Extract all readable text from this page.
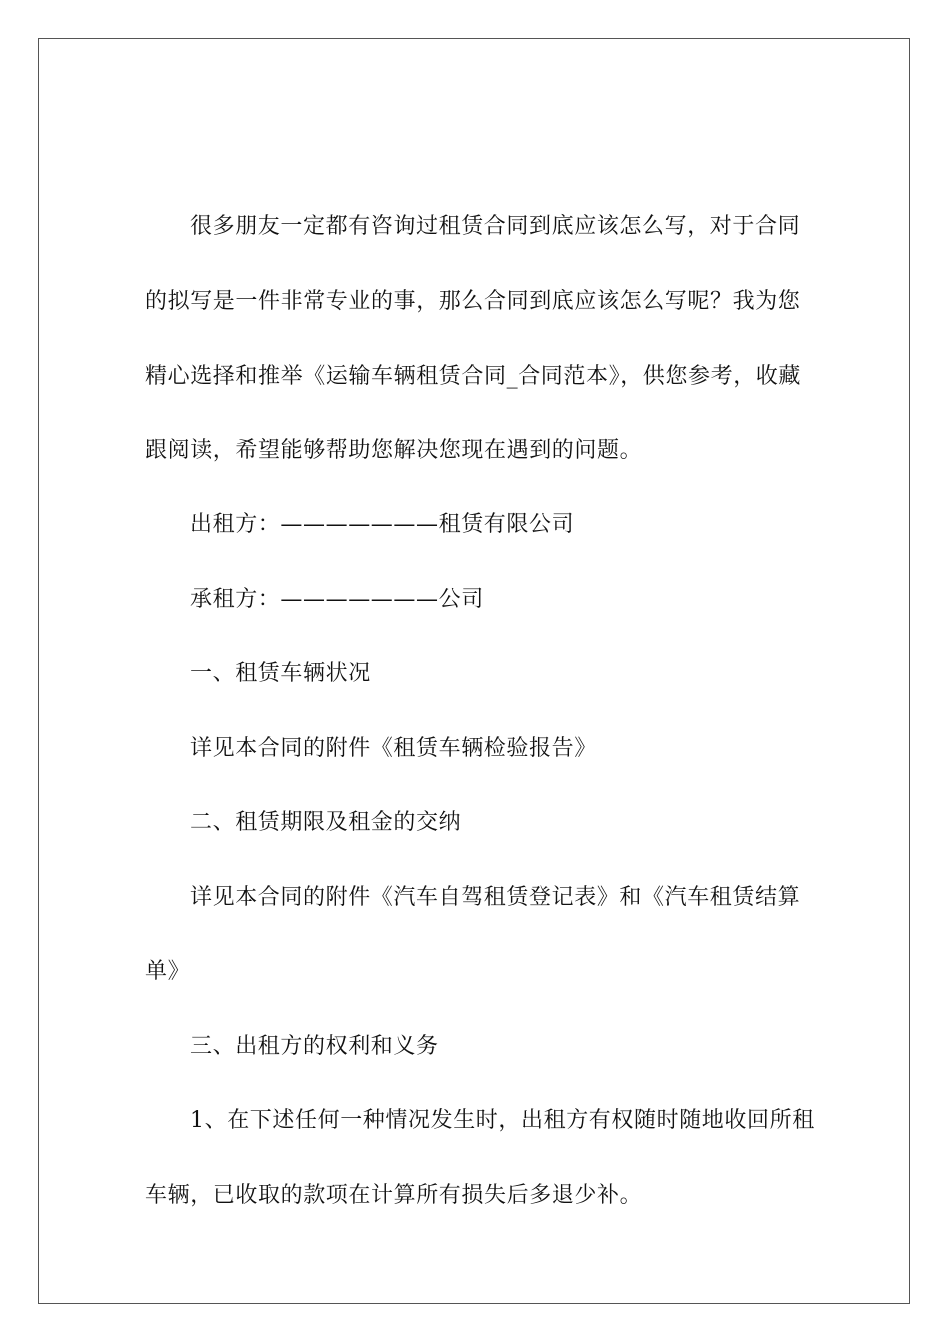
很多朋友一定都有咨询过租赁合同到底应该怎么写，对于合同
的拟写是一件非常专业的事，那么合同到底应该怎么写呢？我为您
精心选择和推举《运输车辆租赁合同_合同范本》，供您参考，收藏
跟阅读，希望能够帮助您解决您现在遇到的问题。
出租方：———————租赁有限公司
承租方：———————公司
一、租赁车辆状况
详见本合同的附件《租赁车辆检验报告》
二、租赁期限及租金的交纳
详见本合同的附件《汽车自驾租赁登记表》和《汽车租赁结算
单》
三、出租方的权利和义务
1、在下述任何一种情况发生时，出租方有权随时随地收回所租
车辆，已收取的款项在计算所有损失后多退少补。
